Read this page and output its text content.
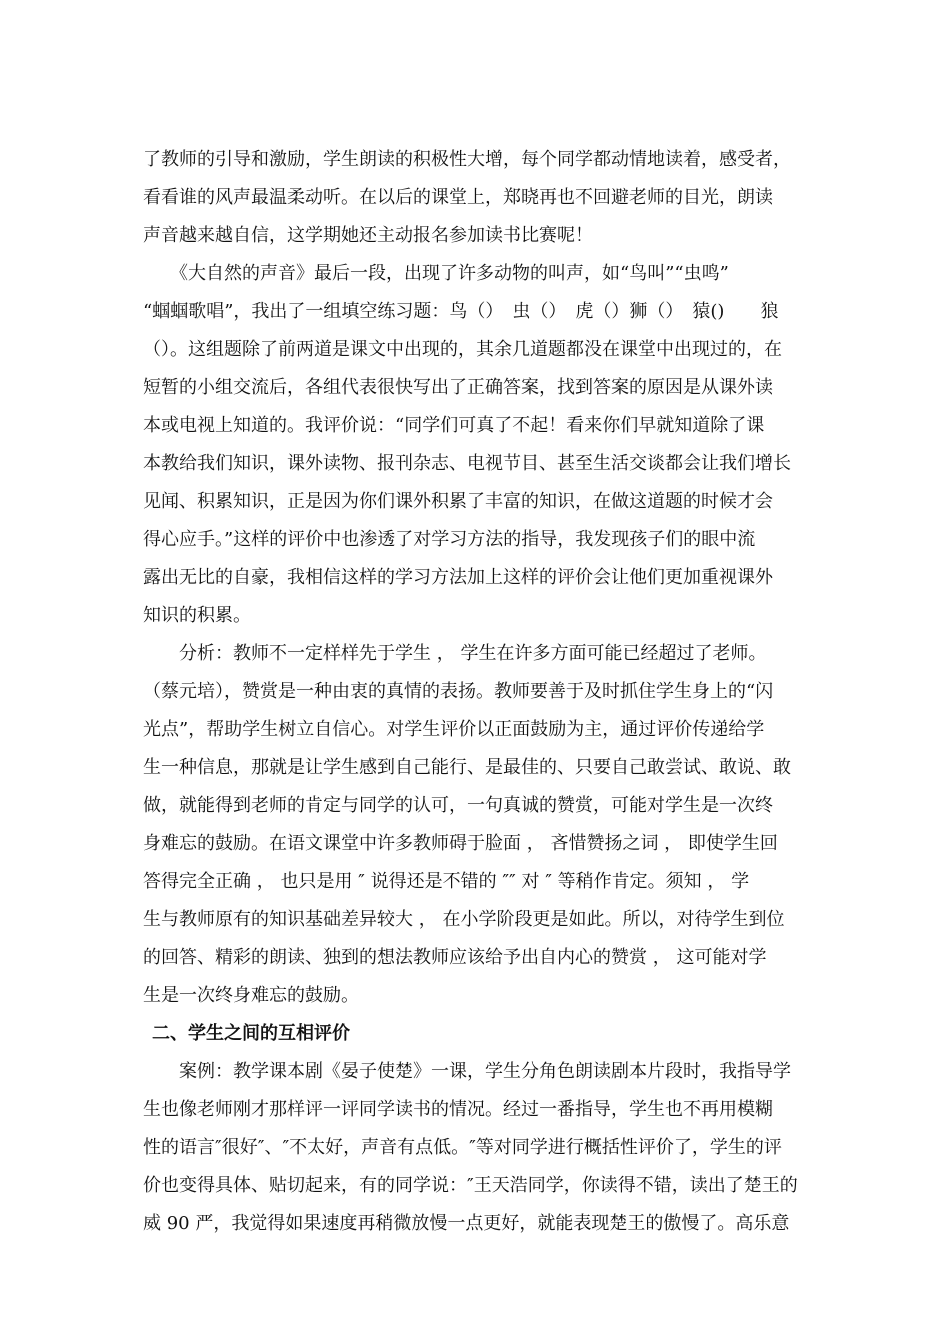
了教师的引导和激励，学生朗读的积极性大增，每个同学都动情地读着，感受者，
看看谁的风声最温柔动听。在以后的课堂上，郑晓再也不回避老师的目光，朗读
声音越来越自信，这学期她还主动报名参加读书比赛呢！
　　《大自然的声音》最后一段，出现了许多动物的叫声，如“鸟叫”“虫鸣”
“蝈蝈歌唱”，我出了一组填空练习题：鸟（）　虫（）　虎（）狮（）　猿()　　狼
（）。这组题除了前两道是课文中出现的，其余几道题都没在课堂中出现过的，在
短暂的小组交流后，各组代表很快写出了正确答案，找到答案的原因是从课外读
本或电视上知道的。我评价说：“同学们可真了不起！看来你们早就知道除了课
本教给我们知识，课外读物、报刊杂志、电视节目、甚至生活交谈都会让我们增长
见闻、积累知识，正是因为你们课外积累了丰富的知识，在做这道题的时候才会
得心应手。”这样的评价中也渗透了对学习方法的指导，我发现孩子们的眼中流
露出无比的自豪，我相信这样的学习方法加上这样的评价会让他们更加重视课外
知识的积累。
　　分析：教师不一定样样先于学生 ， 学生在许多方面可能已经超过了老师。
（蔡元培），赞赏是一种由衷的真情的表扬。教师要善于及时抓住学生身上的“闪
光点”，帮助学生树立自信心。对学生评价以正面鼓励为主，通过评价传递给学
生一种信息，那就是让学生感到自己能行、是最佳的、只要自己敢尝试、敢说、敢
做，就能得到老师的肯定与同学的认可，一句真诚的赞赏，可能对学生是一次终
身难忘的鼓励。在语文课堂中许多教师碍于脸面 ， 吝惜赞扬之词 ， 即使学生回
答得完全正确 ， 也只是用 ″ 说得还是不错的 ″″ 对 ″ 等稍作肯定。须知 ， 学
生与教师原有的知识基础差异较大 ， 在小学阶段更是如此。所以，对待学生到位
的回答、精彩的朗读、独到的想法教师应该给予出自内心的赞赏 ， 这可能对学
生是一次终身难忘的鼓励。
二、学生之间的互相评价
　　案例：教学课本剧《晏子使楚》一课，学生分角色朗读剧本片段时，我指导学
生也像老师刚才那样评一评同学读书的情况。经过一番指导，学生也不再用模糊
性的语言″很好″、″不太好，声音有点低。″等对同学进行概括性评价了，学生的评
价也变得具体、贴切起来，有的同学说：″王天浩同学，你读得不错，读出了楚王的
威 90 严，我觉得如果速度再稍微放慢一点更好，就能表现楚王的傲慢了。高乐意
